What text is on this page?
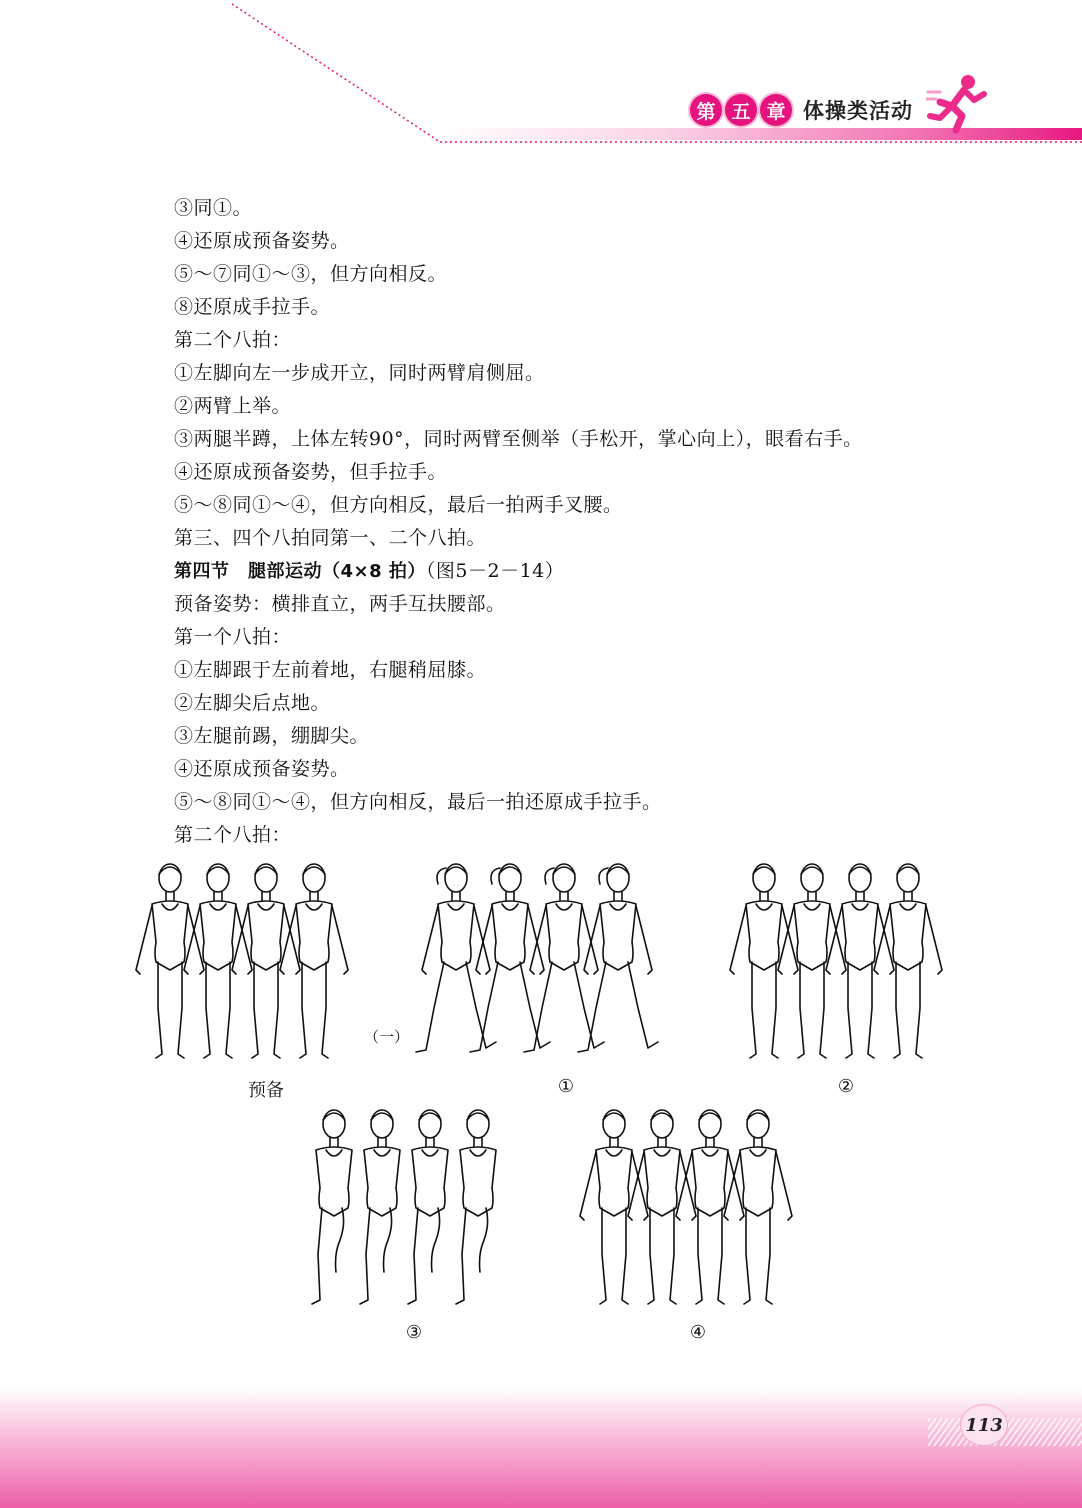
第 五 章 体操类活动
③同①。
④还原成预备姿势。
⑤～⑦同①～③，但方向相反。
⑧还原成手拉手。
第二个八拍：
①左脚向左一步成开立，同时两臂肩侧屈。
②两臂上举。
③两腿半蹲，上体左转90°，同时两臂至侧举（手松开，掌心向上），眼看右手。
④还原成预备姿势，但手拉手。
⑤～⑧同①～④，但方向相反，最后一拍两手叉腰。
第三、四个八拍同第一、二个八拍。
第四节　腿部运动（4×8 拍）（图5－2－14）
预备姿势：横排直立，两手互扶腰部。
第一个八拍：
①左脚跟于左前着地，右腿稍屈膝。
②左脚尖后点地。
③左腿前踢，绷脚尖。
④还原成预备姿势。
⑤～⑧同①～④，但方向相反，最后一拍还原成手拉手。
第二个八拍：
（一）
预备	①	②
③	④
113
